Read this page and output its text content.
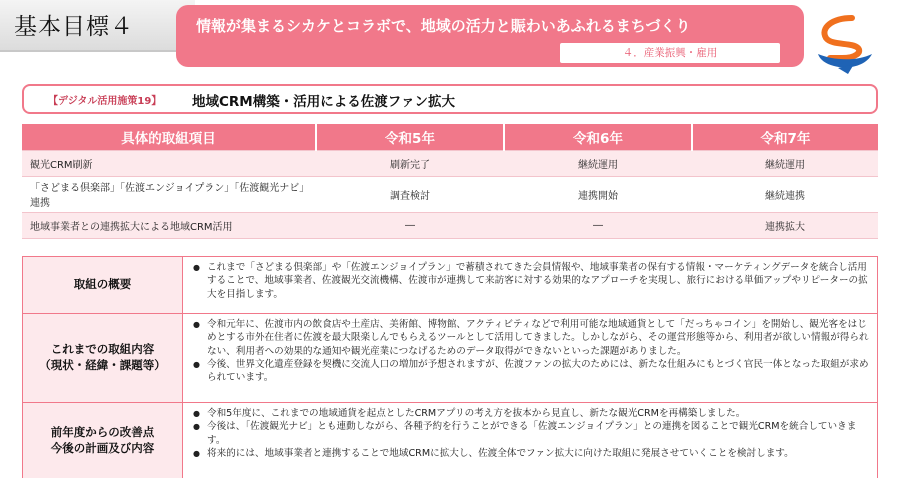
基本目標４	情報が集まるシカケとコラボで、地域の活力と賑わいあふれるまちづくり
４．産業振興・雇用
【デジタル活用施策19】 地域CRM構築・活用による佐渡ファン拡大
具体的取組項目	令和5年	令和6年	令和7年
観光CRM刷新	刷新完了	継続運用	継続運用
「さどまる倶楽部」「佐渡エンジョイプラン」「佐渡観光ナビ」連携	調査検討	連携開始	継続連携
地域事業者との連携拡大による地域CRM活用	―	―	連携拡大
取組の概要
● これまで「さどまる倶楽部」や「佐渡エンジョイプラン」で蓄積されてきた会員情報や、地域事業者の保有する情報・マーケティングデータを統合し活用することで、地域事業者、佐渡観光交流機構、佐渡市が連携して来訪客に対する効果的なアプローチを実現し、旅行における単価アップやリピーターの拡大を目指します。
これまでの取組内容
（現状・経緯・課題等）
● 令和元年に、佐渡市内の飲食店や土産店、美術館、博物館、アクティビティなどで利用可能な地域通貨として「だっちゃコイン」を開始し、観光客をはじめとする市外在住者に佐渡を最大限楽しんでもらえるツールとして活用してきました。しかしながら、その運営形態等から、利用者が欲しい情報が得られない、利用者への効果的な通知や観光産業につなげるためのデータ取得ができないといった課題がありました。
● 今後、世界文化遺産登録を契機に交流人口の増加が予想されますが、佐渡ファンの拡大のためには、新たな仕組みにもとづく官民一体となった取組が求められています。
前年度からの改善点
今後の計画及び内容
● 令和5年度に、これまでの地域通貨を起点としたCRMアプリの考え方を抜本から見直し、新たな観光CRMを再構築しました。
● 今後は、「佐渡観光ナビ」とも連動しながら、各種予約を行うことができる「佐渡エンジョイプラン」との連携を図ることで観光CRMを統合していきます。
● 将来的には、地域事業者と連携することで地域CRMに拡大し、佐渡全体でファン拡大に向けた取組に発展させていくことを検討します。
